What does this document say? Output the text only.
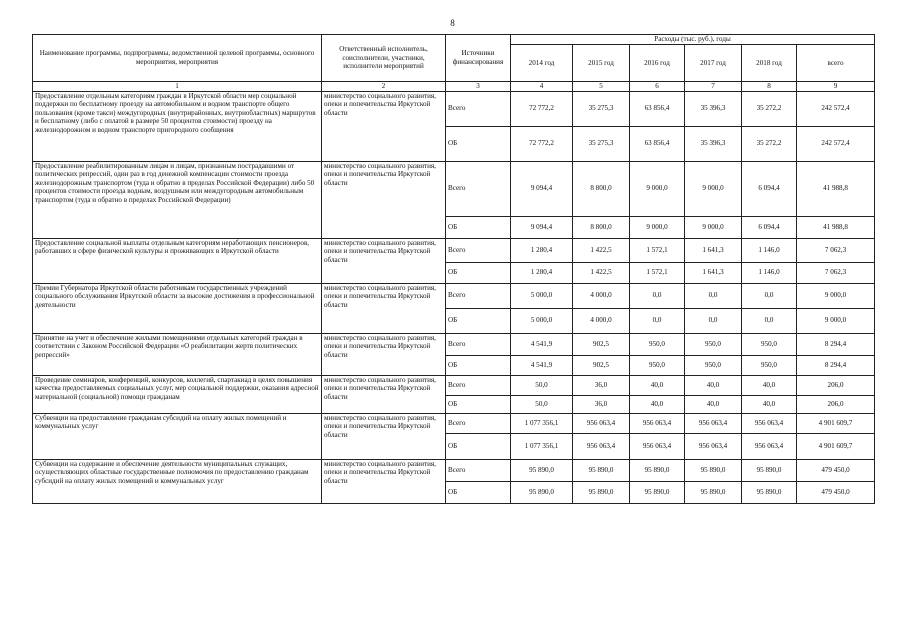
8
Наименование программы, подпрограммы, ведомственной целевой программы, основного мероприятия, мероприятия	Ответственный исполнитель, соисполнители, участники, исполнители мероприятий	Источники финансирования	Расходы (тыс. руб.), годы					
			2014 год	2015 год	2016 год	2017 год	2018 год	всего
1	2	3	4	5	6	7	8	9
Предоставление отдельным категориям граждан в Иркутской области мер социальной поддержки по бесплатному проезду на автомобильном и водном транспорте общего пользования (кроме такси) междугородных (внутрирайонных, внутриобластных) маршрутов и бесплатному (либо с оплатой в размере 50 процентов стоимости) проезду на железнодорожном и водном транспорте пригородного сообщения	министерство социального развития, опеки и попечительства Иркутской области	Всего	72 772,2	35 275,3	63 856,4	35 396,3	35 272,2	242 572,4
		ОБ	72 772,2	35 275,3	63 856,4	35 396,3	35 272,2	242 572,4
Предоставление реабилитированным лицам и лицам, признанным пострадавшими от политических репрессий, один раз в год денежной компенсации стоимости проезда железнодорожным транспортом (туда и обратно в пределах Российской Федерации) либо 50 процентов стоимости проезда водным, воздушным или междугородным автомобильным транспортом (туда и обратно в пределах Российской Федерации)	министерство социального развития, опеки и попечительства Иркутской области	Всего	9 094,4	8 800,0	9 000,0	9 000,0	6 094,4	41 988,8
		ОБ	9 094,4	8 800,0	9 000,0	9 000,0	6 094,4	41 988,8
Предоставление социальной выплаты отдельным категориям неработающих пенсионеров, работавших в сфере физической культуры и проживающих в Иркутской области	министерство социального развития, опеки и попечительства Иркутской области	Всего	1 280,4	1 422,5	1 572,1	1 641,3	1 146,0	7 062,3
		ОБ	1 280,4	1 422,5	1 572,1	1 641,3	1 146,0	7 062,3
Премии Губернатора Иркутской области работникам государственных учреждений социального обслуживания Иркутской области за высокие достижения в профессиональной деятельности	министерство социального развития, опеки и попечительства Иркутской области	Всего	5 000,0	4 000,0	0,0	0,0	0,0	9 000,0
		ОБ	5 000,0	4 000,0	0,0	0,0	0,0	9 000,0
Принятие на учет и обеспечение жилыми помещениями отдельных категорий граждан в соответствии с Законом Российской Федерации «О реабилитации жертв политических репрессий»	министерство социального развития, опеки и попечительства Иркутской области	Всего	4 541,9	902,5	950,0	950,0	950,0	8 294,4
		ОБ	4 541,9	902,5	950,0	950,0	950,0	8 294,4
Проведение семинаров, конференций, конкурсов, коллегий, спартакиад в целях повышения качества предоставляемых социальных услуг, мер социальной поддержки, оказания адресной материальной (социальной) помощи гражданам	министерство социального развития, опеки и попечительства Иркутской области	Всего	50,0	36,0	40,0	40,0	40,0	206,0
		ОБ	50,0	36,0	40,0	40,0	40,0	206,0
Субвенции на предоставление гражданам субсидий на оплату жилых помещений и коммунальных услуг	министерство социального развития, опеки и попечительства Иркутской области	Всего	1 077 356,1	956 063,4	956 063,4	956 063,4	956 063,4	4 901 609,7
		ОБ	1 077 356,1	956 063,4	956 063,4	956 063,4	956 063,4	4 901 609,7
Субвенции на содержание и обеспечение деятельности муниципальных служащих, осуществляющих областные государственные полномочия по предоставлению гражданам субсидий на оплату жилых помещений и коммунальных услуг	министерство социального развития, опеки и попечительства Иркутской области	Всего	95 890,0	95 890,0	95 890,0	95 890,0	95 890,0	479 450,0
		ОБ	95 890,0	95 890,0	95 890,0	95 890,0	95 890,0	479 450,0
